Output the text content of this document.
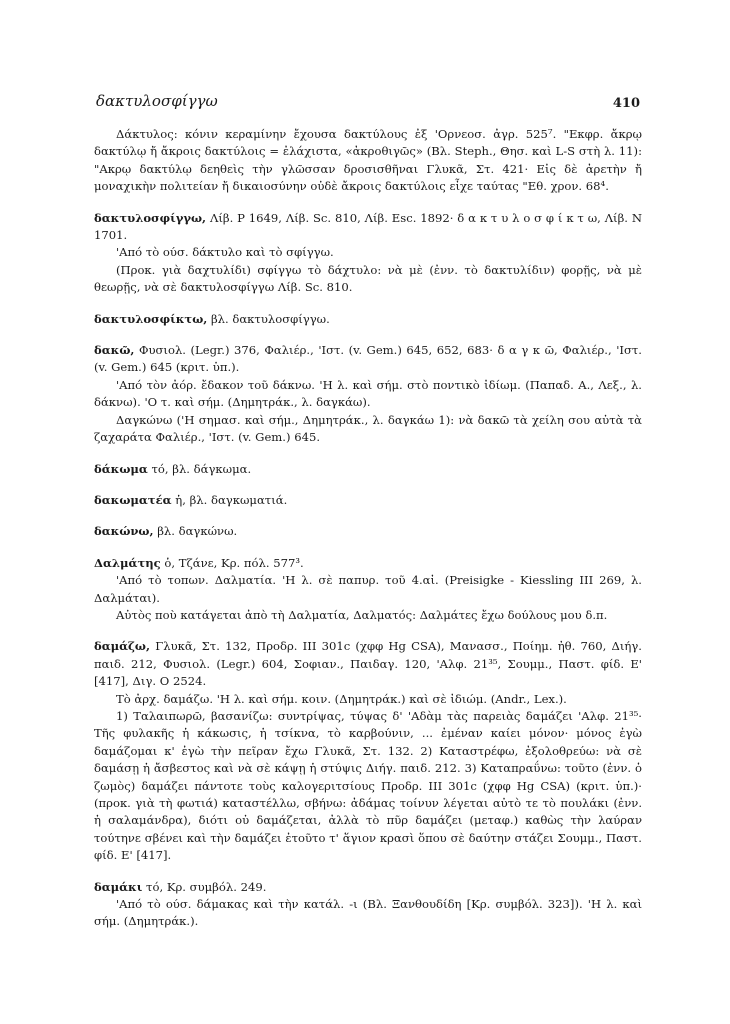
δακτυλοσφίγγω	410

Δάκτυλος: κόνιν κεραμίνην ἔχουσα δακτύλους ἐξ 'Ορνεοσ. ἀγρ. 525⁷. "Εκφρ. ἄκρῳ δακτύλῳ ἤ ἄκροις δακτύλοις = ἐλάχιστα, «ἀκροθιγῶς» (Βλ. Steph., Θησ. καὶ L-S στὴ λ. 11): "Ακρῳ δακτύλῳ δεηθεὶς τὴν γλῶσσαν δροσισθῆναι Γλυκᾶ, Στ. 421· Εἰς δὲ ἀρετὴν ἤ μοναχικὴν πολιτείαν ἤ δικαιοσύνην οὐδὲ ἄκροις δακτύλοις εἶχε ταύτας "Εθ. χρον. 68⁴.

δακτυλοσφίγγω, Λίβ. P 1649, Λίβ. Sc. 810, Λίβ. Esc. 1892· δ α κ τ υ λ ο σ φ ί κ τ ω, Λίβ. N 1701.

'Από τὸ ούσ. δάκτυλο καὶ τὸ σφίγγω.

(Προκ. γιὰ δαχτυλίδι) σφίγγω τὸ δάχτυλο: νὰ μὲ (ἐνν. τὸ δακτυλίδιν) φορῇς, νὰ μὲ θεωρῇς, νὰ σὲ δακτυλοσφίγγω Λίβ. Sc. 810.

δακτυλοσφίκτω, βλ. δακτυλοσφίγγω.

δακῶ, Φυσιολ. (Legr.) 376, Φαλιέρ., 'Ιστ. (v. Gem.) 645, 652, 683· δ α γ κ ῶ, Φαλιέρ., 'Ιστ. (v. Gem.) 645 (κριτ. ὑπ.).

'Από τὸν ἀόρ. ἔδακον τοῦ δάκνω. 'Η λ. καὶ σήμ. στὸ ποντικὸ ἰδίωμ. (Παπαδ. Α., Λεξ., λ. δάκνω). 'Ο τ. καὶ σήμ. (Δημητράκ., λ. δαγκάω).

Δαγκώνω ('Η σημασ. καὶ σήμ., Δημητράκ., λ. δαγκάω 1): νὰ δακῶ τὰ χείλη σου αὐτὰ τὰ ζαχαράτα Φαλιέρ., 'Ιστ. (v. Gem.) 645.

δάκωμα τό, βλ. δάγκωμα.

δακωματέα ἡ, βλ. δαγκωματιά.

δακώνω, βλ. δαγκώνω.

Δαλμάτης ὁ, Τζάνε, Κρ. πόλ. 577³.

'Από τὸ τοπων. Δαλματία. 'Η λ. σὲ παπυρ. τοῦ 4.αἰ. (Preisigke - Kiessling III 269, λ. Δαλμάται).

Αὐτὸς ποὺ κατάγεται ἀπὸ τὴ Δαλματία, Δαλματός: Δαλμάτες ἔχω δούλους μου δ.π.

δαμάζω, Γλυκᾶ, Στ. 132, Προδρ. III 301c (χφφ Hg CSA), Μανασσ., Ποίημ. ἠθ. 760, Διήγ. παιδ. 212, Φυσιολ. (Legr.) 604, Σοφιαν., Παιδαγ. 120, 'Αλφ. 21³⁵, Σουμμ., Παστ. φίδ. Ε' [417], Διγ. Ο 2524.

Τὸ ἀρχ. δαμάζω. 'Η λ. καὶ σήμ. κοιν. (Δημητράκ.) καὶ σὲ ἰδιώμ. (Andr., Lex.).

1) Ταλαιπωρῶ, βασανίζω: συντρίψας, τύψας δ' 'Αδὰμ τὰς παρειὰς δαμάζει 'Αλφ. 21³⁵· Τῆς φυλακῆς ἡ κάκωσις, ἡ τσίκνα, τὸ καρβούνιν, ... ἐμέναν καίει μόνον· μόνος ἐγὼ δαμάζομαι κ' ἐγὼ τὴν πεῖραν ἔχω Γλυκᾶ, Στ. 132. 2) Καταστρέφω, ἐξολοθρεύω: νὰ σὲ δαμάσῃ ἡ ἄσβεστος καὶ νὰ σὲ κάψῃ ἡ στύψις Διήγ. παιδ. 212. 3) Καταπραΰνω: τοῦτο (ἐνν. ὁ ζωμὸς) δαμάζει πάντοτε τοὺς καλογεριτσίους Προδρ. III 301c (χφφ Hg CSA) (κριτ. ὑπ.)· (προκ. γιὰ τὴ φωτιά) καταστέλλω, σβήνω: ἀδάμας τοίνυν λέγεται αὐτὸ τε τὸ πουλάκι (ἐνν. ἡ σαλαμάνδρα), διότι οὐ δαμάζεται, ἀλλὰ τὸ πῦρ δαμάζει (μεταφ.) καθὼς τὴν λαύραν τούτηνε σβένει καὶ τὴν δαμάζει ἐτοῦτο τ' ἅγιον κρασὶ ὅπου σὲ δαύτην στάζει Σουμμ., Παστ. φίδ. Ε' [417].

δαμάκι τό, Κρ. συμβόλ. 249.

'Από τὸ ούσ. δάμακας καὶ τὴν κατάλ. -ι (Βλ. Ξανθουδίδη [Κρ. συμβόλ. 323]). 'Η λ. καὶ σήμ. (Δημητράκ.).
